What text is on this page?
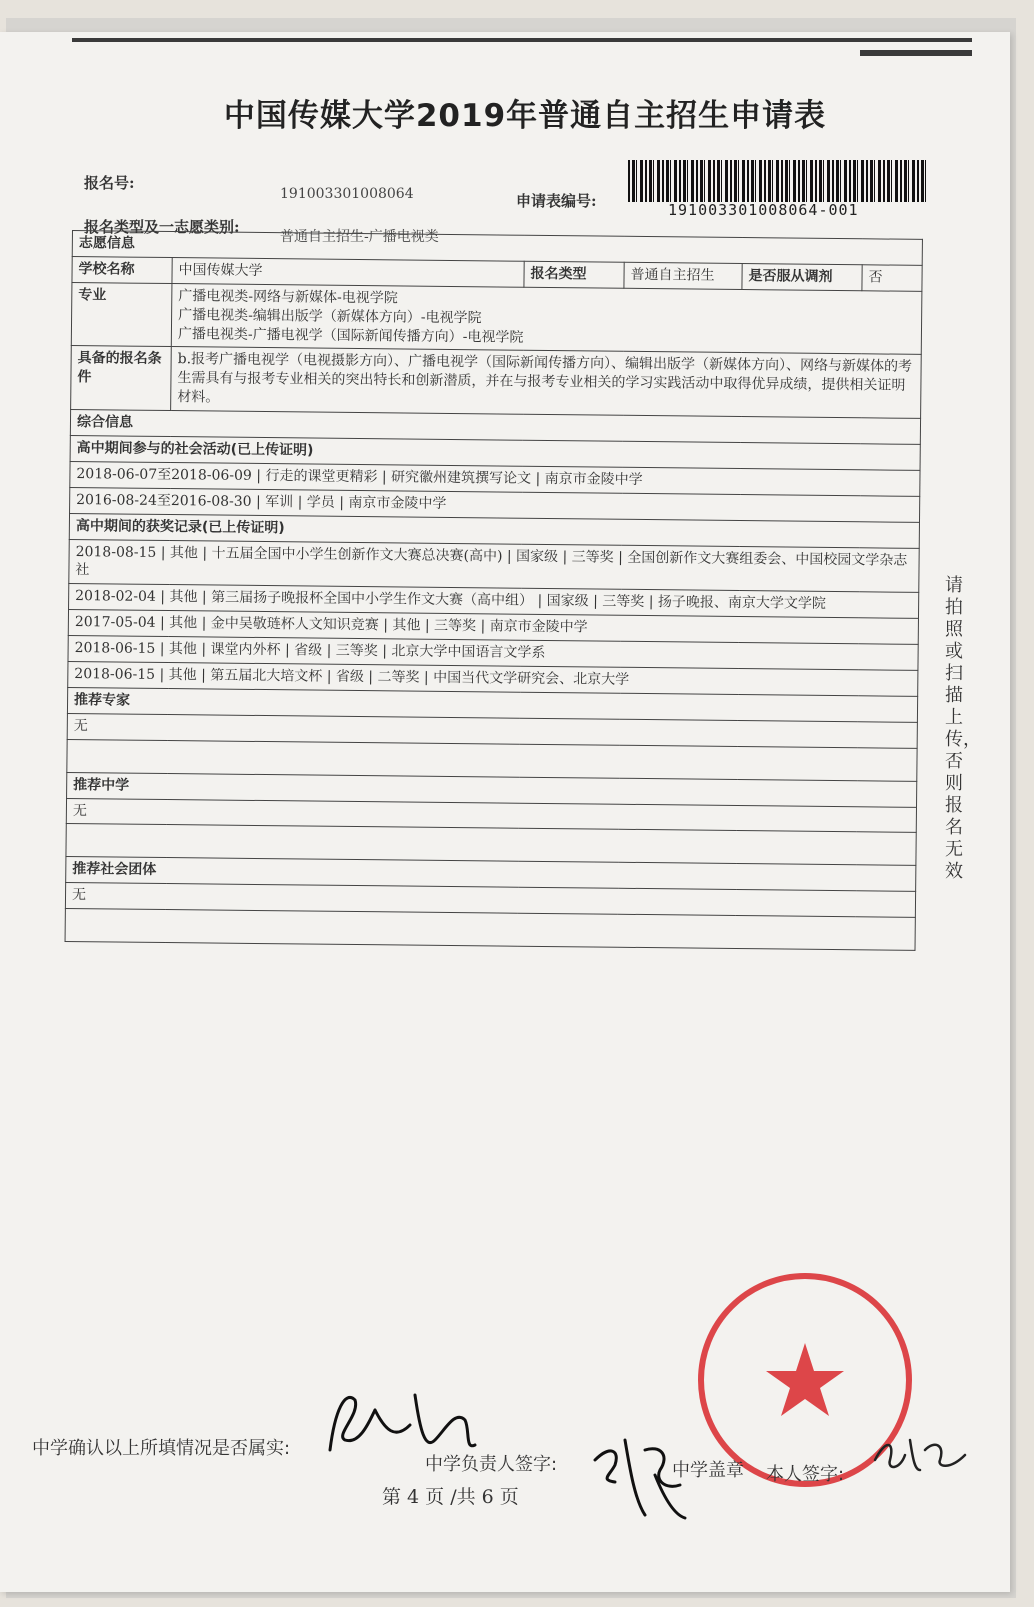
中国传媒大学2019年普通自主招生申请表
报名号:
191003301008064	申请表编号:	191003301008064-001
报名类型及一志愿类别:
普通自主招生-广播电视类
志愿信息					
学校名称	中国传媒大学	报名类型	普通自主招生	是否服从调剂	否
专业	广播电视类-网络与新媒体-电视学院
广播电视类-编辑出版学（新媒体方向）-电视学院
广播电视类-广播电视学（国际新闻传播方向）-电视学院				

具备的报名条件	b.报考广播电视学（电视摄影方向）、广播电视学（国际新闻传播方向）、编辑出版学（新媒体方向）、网络与新媒体的考生需具有与报考专业相关的突出特长和创新潜质，并在与报考专业相关的学习实践活动中取得优异成绩，提供相关证明材料。				
综合信息					
高中期间参与的社会活动(已上传证明)					
2018-06-07至2018-06-09 | 行走的课堂更精彩 | 研究徽州建筑撰写论文 | 南京市金陵中学					
2016-08-24至2016-08-30 | 军训 | 学员 | 南京市金陵中学					
高中期间的获奖记录(已上传证明)					
2018-08-15 | 其他 | 十五届全国中小学生创新作文大赛总决赛(高中) | 国家级 | 三等奖 | 全国创新作文大赛组委会、中国校园文学杂志社					
2018-02-04 | 其他 | 第三届扬子晚报杯全国中小学生作文大赛（高中组） | 国家级 | 三等奖 | 扬子晚报、南京大学文学院					
2017-05-04 | 其他 | 金中吴敬琏杯人文知识竞赛 | 其他 | 三等奖 | 南京市金陵中学					
2018-06-15 | 其他 | 课堂内外杯 | 省级 | 三等奖 | 北京大学中国语言文学系					
2018-06-15 | 其他 | 第五届北大培文杯 | 省级 | 二等奖 | 中国当代文学研究会、北京大学					
推荐专家					
无					

推荐中学					
无					

推荐社会团体					
无					

请拍照或扫描上传，否则报名无效
中学确认以上所填情况是否属实:
中学负责人签字:	中学盖章 本人签字:
第 4 页 /共 6 页
